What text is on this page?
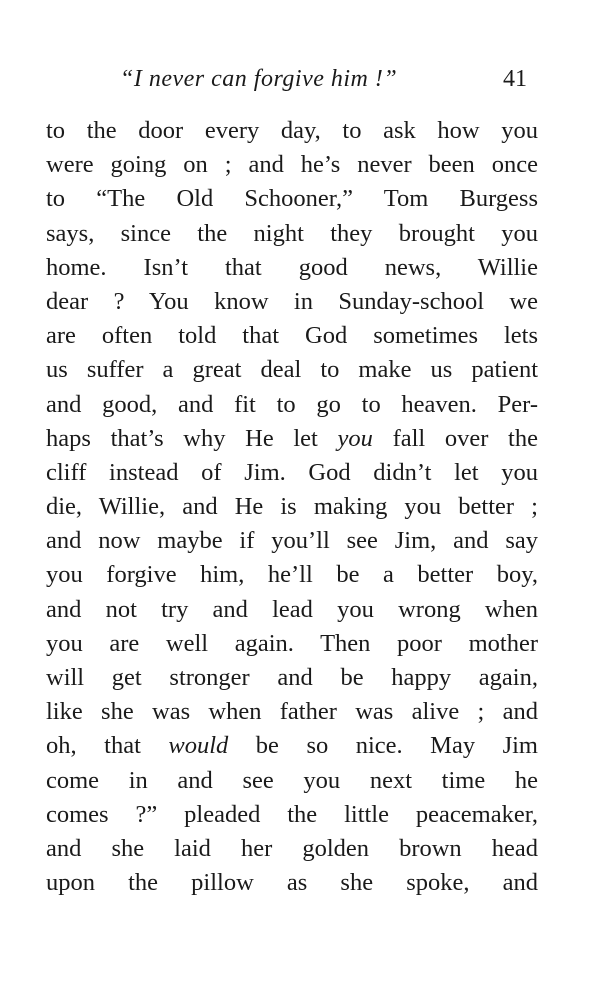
“I never can forgive him !”	41
to the door every day, to ask how you
were going on ; and he’s never been once
to “The Old Schooner,” Tom Burgess
says, since the night they brought you
home. Isn’t that good news, Willie
dear ? You know in Sunday-school we
are often told that God sometimes lets
us suffer a great deal to make us patient
and good, and fit to go to heaven. Per-
haps that’s why He let you fall over the
cliff instead of Jim. God didn’t let you
die, Willie, and He is making you better ;
and now maybe if you’ll see Jim, and say
you forgive him, he’ll be a better boy,
and not try and lead you wrong when
you are well again. Then poor mother
will get stronger and be happy again,
like she was when father was alive ; and
oh, that would be so nice. May Jim
come in and see you next time he
comes ?” pleaded the little peacemaker,
and she laid her golden brown head
upon the pillow as she spoke, and
